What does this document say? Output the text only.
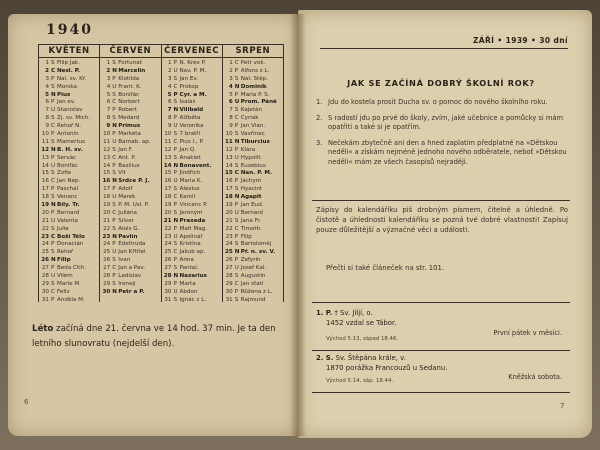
1940
KVĚTEN
1 S Filip Jak.
2 Č Nesl. P.
3 P Nal. sv. Kř.
4 S Monika
5 NPius
6 P Jan ev.
7 Ú Stanislav
8 S Zj. sv. Mich.
9 Č Řehoř N.
10 P Antonín
11 S Mamertus
12 NB. H. sv.
13 P Servác
14 Ú Bonifác
15 S Žofie
16 Č Jan Nep.
17 P Paschal
18 S Venanc
19 NBíly. Tr.
20 P Bernard
21 Ú Valenta
22 S Julie
23 Č Boží Tělo
24 P Donacián
25 S Řehoř
26 NFilip
27 P Beda Ctih.
28 Ú Vilém
29 S Marie M.
30 Č Felix
31 P Anděla M.
ČERVEN
1 S Fortunat
2 NMarcelin
3 P Klotilda
4 Ú Frant. K.
5 S Bonifác
6 Č Norbert
7 P Robert
8 S Medard
9 NPrimus
10 P Markéta
11 Ú Barnab. ap.
12 S Jan F.
13 Č Ant. P.
14 P Basilius
15 S Vít
16 NSrdce P. J.
17 P Adolf
18 Ú Marek
19 S P. M. Usl. P.
20 Č Juliána
21 P Silver
22 S Alois G.
23 NPavlín
24 P Edeltruda
25 Ú Jan Křtitel
26 S Ivan
27 Č Jan a Pav.
28 P Ladislav
29 S Ireneji
30 NPetr a P.
ČERVENEC
1 P N. Krev P.
2 Ú Nav. P. M.
3 S Jan Ev.
4 Č Prokop
5 P Cyr. a M.
6 S Isaiáš
7 NVilibald
8 P Alžběta
9 Ú Veronika
10 S 7 bratří
11 Č Pius I., P.
12 P Jan Q.
13 S Anaklet
14 NBonavent.
15 P Jindřich
16 Ú Maria K.
17 S Alexius
18 Č Kamil
19 P Vincenc P.
20 S Jeroným
21 NPraxeda
22 P Maří Mag.
23 Ú Apolinář
24 S Kristina
25 Č Jakub ap.
26 P Anna
27 S Pantal.
28 NNazarius
29 P Marta
30 Ú Abdon
31 S Ignác z L.
SRPEN
1 Č Petr vok.
2 P Alfons z L.
3 S Nal. Štěp.
4 NDominik
5 P Maria P. S.
6 ÚProm. Páně
7 S Kajetán
8 Č Cyriak
9 P Jan Vian.
10 S Vavřinec
11 NTiburcius
12 P Klára
13 Ú Hypolit
14 S Eusebius
15 Č Nan. P. M.
16 P Jáchym
17 S Hyacint
18 NAgapit
19 P Jan Eud.
20 Ú Bernard
21 S Jana Fr.
22 Č Timoth.
23 P Filip
24 S Bartoloměj
25 NPř. n. sv. V.
26 P Zefyrin
27 Ú Josef Kal.
28 S Augustin
29 Č Jan sťatí
30 P Růžena z L.
31 S Rajmund
Léto začíná dne 21. června ve 14 hod. 37 min. Je ta den letního slunovratu (nejdelší den).
6
ZÁŘÍ • 1939 • 30 dní
JAK SE ZAČÍNÁ DOBRÝ ŠKOLNÍ ROK?
1. Jdu do kostela prosit Ducha sv. o pomoc do nového školního roku.
2. S radostí jdu po prvé do školy, zvím, jaké učebnice a pomůcky si mám opatřiti a také si je opatřím.
3. Nečekám zbytečně ani den a hned zaplatím předplatné na »Dětskou neděli« a získám nejméně jednoho nového odběratele, neboť »Dětskou neděli« mám ze všech časopisů nejraději.
Zápisy do kalendáříku piš drobným písmem, čitelně a úhledně. Po čistotě a úhlednosti kalendáříku se pozná tvé dobré vlastnosti! Zapisuj pouze důležitější a význačné věci a události.
Přečti si také článeček na str. 101.
1. P. † Sv. Jiljí, o.
1452 vzdal se Tábor.
První pátek v měsíci.
Východ 5.13, západ 18.46.
2. S. Sv. Štěpána krále, v.
1870 porážka Francouzů u Sedanu.
Kněžská sobota.
Východ 5.14, záp. 18.44.
7
